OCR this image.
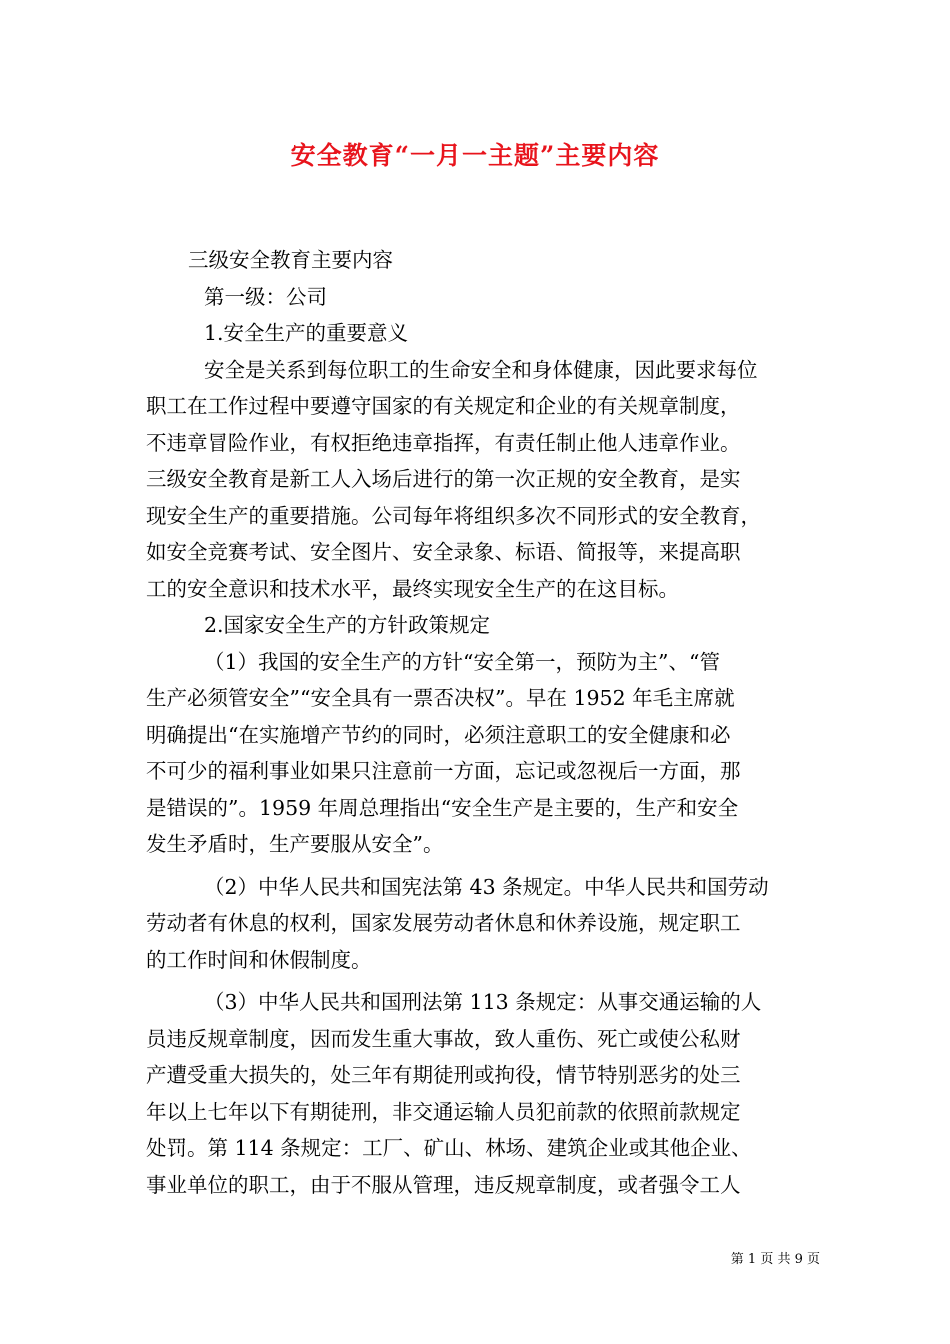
安全教育“一月一主题”主要内容
三级安全教育主要内容
第一级：公司
1.安全生产的重要意义
安全是关系到每位职工的生命安全和身体健康，因此要求每位
职工在工作过程中要遵守国家的有关规定和企业的有关规章制度，
不违章冒险作业，有权拒绝违章指挥，有责任制止他人违章作业。
三级安全教育是新工人入场后进行的第一次正规的安全教育，是实
现安全生产的重要措施。公司每年将组织多次不同形式的安全教育，
如安全竞赛考试、安全图片、安全录象、标语、简报等，来提高职
工的安全意识和技术水平，最终实现安全生产的在这目标。
2.国家安全生产的方针政策规定
（1）我国的安全生产的方针“安全第一，预防为主”、“管
生产必须管安全”“安全具有一票否决权”。早在 1952 年毛主席就
明确提出“在实施增产节约的同时，必须注意职工的安全健康和必
不可少的福利事业如果只注意前一方面，忘记或忽视后一方面，那
是错误的”。1959 年周总理指出“安全生产是主要的，生产和安全
发生矛盾时，生产要服从安全”。
（2）中华人民共和国宪法第 43 条规定。中华人民共和国劳动
劳动者有休息的权利，国家发展劳动者休息和休养设施，规定职工
的工作时间和休假制度。
（3）中华人民共和国刑法第 113 条规定：从事交通运输的人
员违反规章制度，因而发生重大事故，致人重伤、死亡或使公私财
产遭受重大损失的，处三年有期徒刑或拘役，情节特别恶劣的处三
年以上七年以下有期徒刑，非交通运输人员犯前款的依照前款规定
处罚。第 114 条规定：工厂、矿山、林场、建筑企业或其他企业、
事业单位的职工，由于不服从管理，违反规章制度，或者强令工人
第 1 页 共 9 页
